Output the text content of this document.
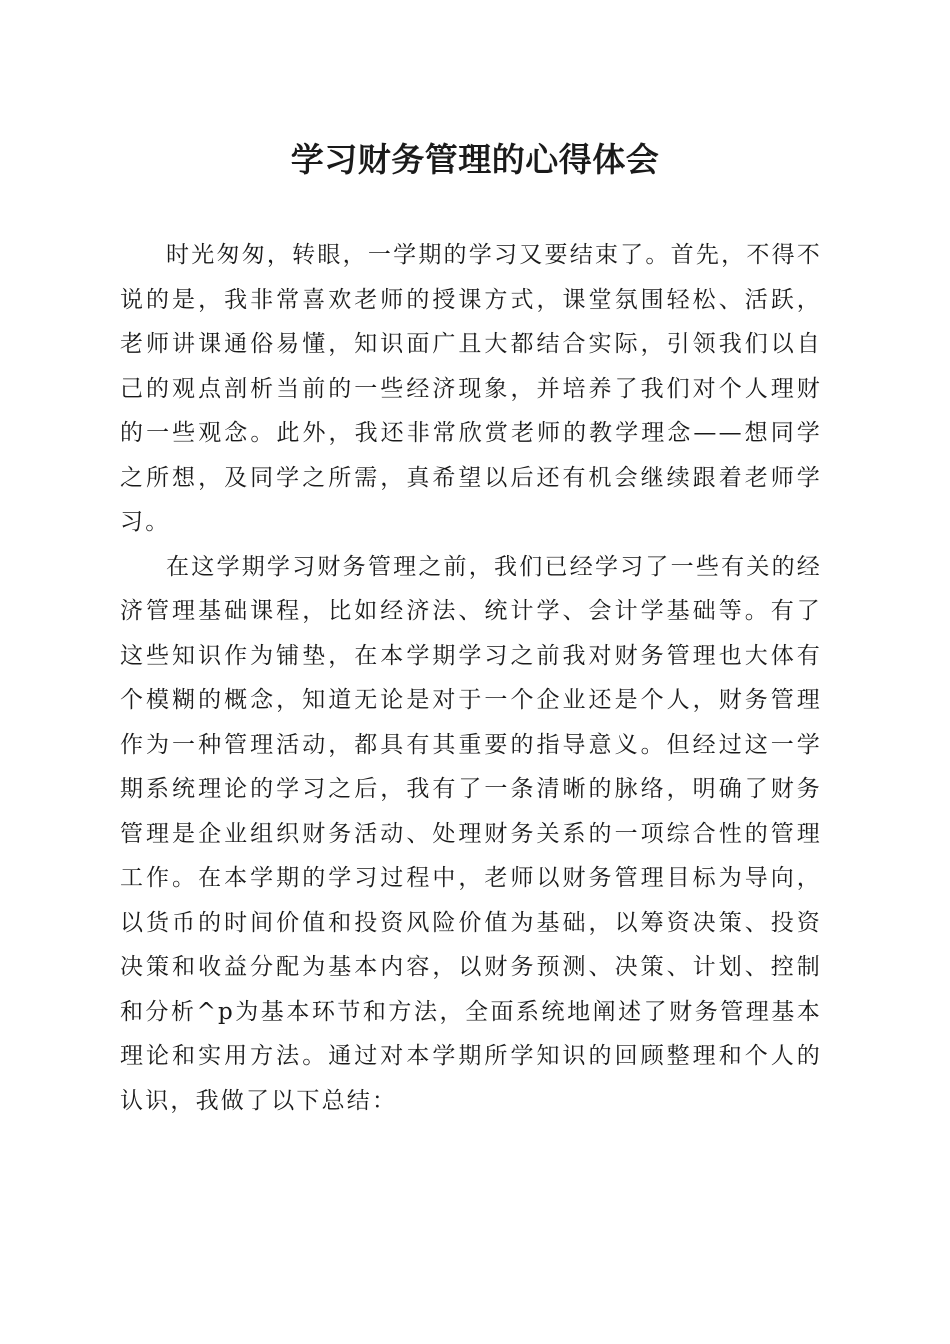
学习财务管理的心得体会

时光匆匆，转眼，一学期的学习又要结束了。首先，不得不说的是，我非常喜欢老师的授课方式，课堂氛围轻松、活跃，老师讲课通俗易懂，知识面广且大都结合实际，引领我们以自己的观点剖析当前的一些经济现象，并培养了我们对个人理财的一些观念。此外，我还非常欣赏老师的教学理念——想同学之所想，及同学之所需，真希望以后还有机会继续跟着老师学习。

在这学期学习财务管理之前，我们已经学习了一些有关的经济管理基础课程，比如经济法、统计学、会计学基础等。有了这些知识作为铺垫，在本学期学习之前我对财务管理也大体有个模糊的概念，知道无论是对于一个企业还是个人，财务管理作为一种管理活动，都具有其重要的指导意义。但经过这一学期系统理论的学习之后，我有了一条清晰的脉络，明确了财务管理是企业组织财务活动、处理财务关系的一项综合性的管理工作。在本学期的学习过程中，老师以财务管理目标为导向，以货币的时间价值和投资风险价值为基础，以筹资决策、投资决策和收益分配为基本内容，以财务预测、决策、计划、控制和分析^p为基本环节和方法，全面系统地阐述了财务管理基本理论和实用方法。通过对本学期所学知识的回顾整理和个人的认识，我做了以下总结：
